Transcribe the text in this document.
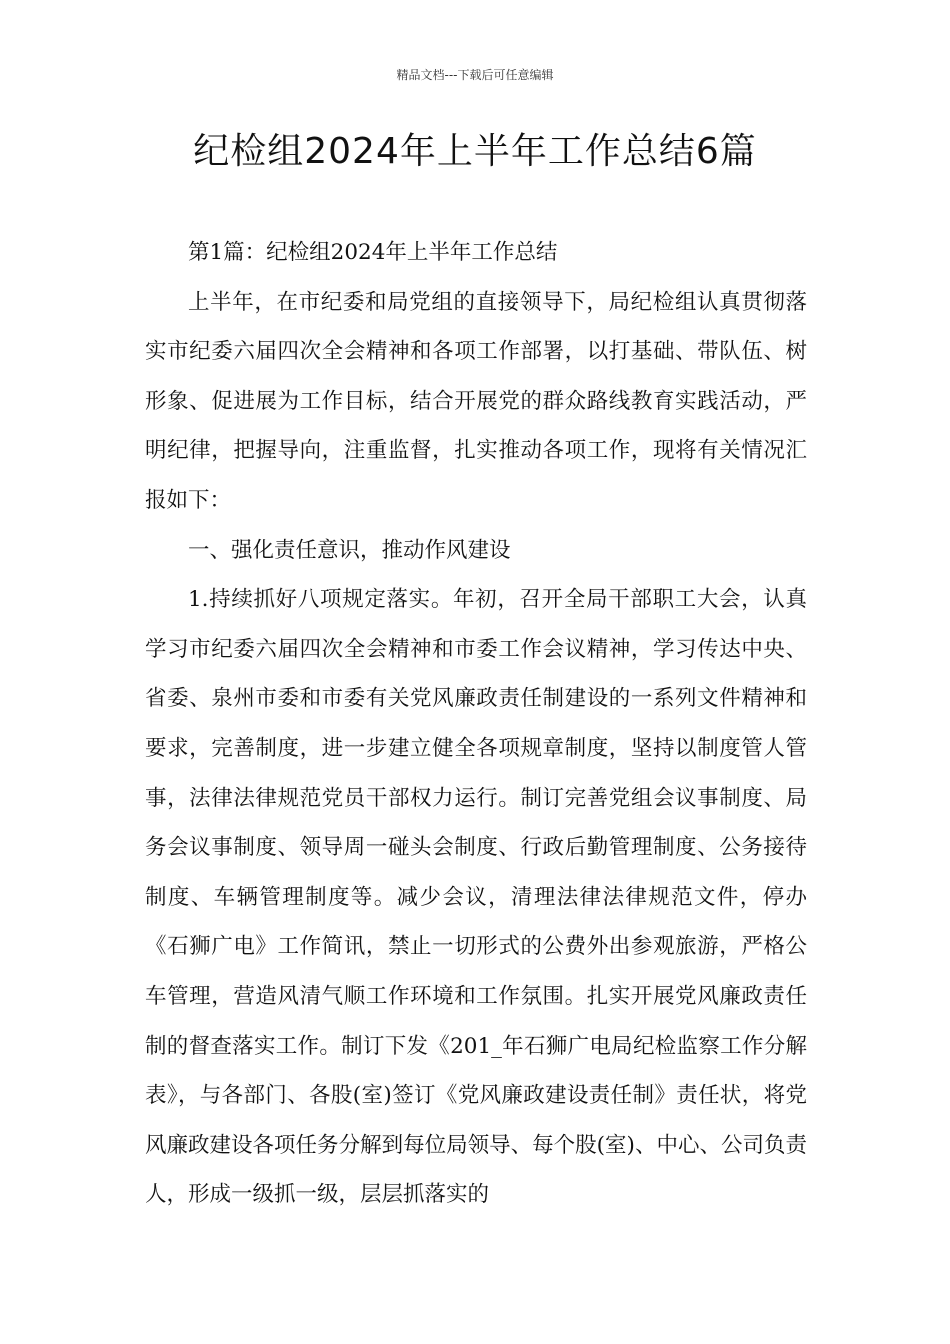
精品文档---下载后可任意编辑
纪检组2024年上半年工作总结6篇

第1篇：纪检组2024年上半年工作总结

上半年，在市纪委和局党组的直接领导下，局纪检组认真贯彻落实市纪委六届四次全会精神和各项工作部署，以打基础、带队伍、树形象、促进展为工作目标，结合开展党的群众路线教育实践活动，严明纪律，把握导向，注重监督，扎实推动各项工作，现将有关情况汇报如下：

一、强化责任意识，推动作风建设

1.持续抓好八项规定落实。年初，召开全局干部职工大会，认真学习市纪委六届四次全会精神和市委工作会议精神，学习传达中央、省委、泉州市委和市委有关党风廉政责任制建设的一系列文件精神和要求，完善制度，进一步建立健全各项规章制度，坚持以制度管人管事，法律法律规范党员干部权力运行。制订完善党组会议事制度、局务会议事制度、领导周一碰头会制度、行政后勤管理制度、公务接待制度、车辆管理制度等。减少会议，清理法律法律规范文件，停办《石狮广电》工作简讯，禁止一切形式的公费外出参观旅游，严格公车管理，营造风清气顺工作环境和工作氛围。扎实开展党风廉政责任制的督查落实工作。制订下发《201_年石狮广电局纪检监察工作分解表》，与各部门、各股(室)签订《党风廉政建设责任制》责任状，将党风廉政建设各项任务分解到每位局领导、每个股(室)、中心、公司负责人，形成一级抓一级，层层抓落实的
